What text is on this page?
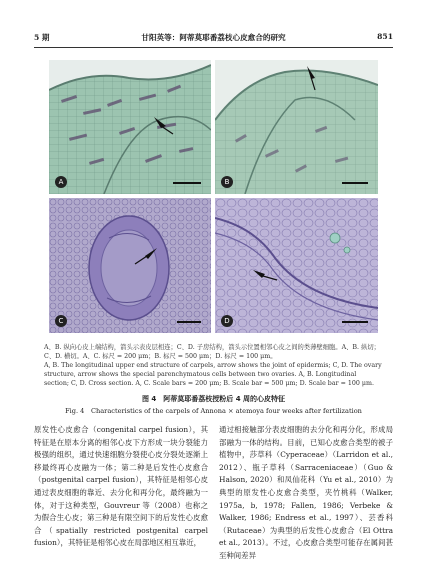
5 期	甘阳英等：阿蒂莫耶番荔枝心皮愈合的研究	851
A	B
C	D
A、B. 纵向心皮上端结构，箭头示表皮层相连；C、D. 子房结构，箭头示位置相邻心皮之间的类薄壁细胞。A、B. 纵切；C、D. 横切。A、C. 标尺 = 200 μm；B. 标尺 = 500 μm；D. 标尺 = 100 μm。
A, B. The longitudinal upper end structure of carpels, arrow shows the joint of epidermis; C, D. The ovary structure, arrow shows the special parenchymatous cells between two ovaries. A, B. Longitudinal section; C, D. Cross section. A, C. Scale bars = 200 μm; B. Scale bar = 500 μm; D. Scale bar = 100 μm.
图 4　阿蒂莫耶番荔枝授粉后 4 周的心皮特征
Fig. 4　Characteristics of the carpels of Annona × atemoya four weeks after fertilization
原发性心皮愈合（congenital carpel fusion），其特征是在原本分离的相邻心皮下方形成一块分裂能力极强的组织，通过快速细胞分裂使心皮分裂处逐渐上移最终再心皮融为一体；第二种是后发性心皮愈合（postgenital carpel fusion），其特征是相邻心皮通过表皮细胞的靠近、去分化和再分化，最终融为一体，对于这种类型，Gouvreur 等（2008）也称之为假合生心皮；第三种是有限空间下的后发性心皮愈合（spatially restricted postgenital carpel fusion），其特征是相邻心皮在局部地区相互靠近，
通过相接触部分表皮细胞的去分化和再分化，形成局部融为一体的结构。目前，已知心皮愈合类型的被子植物中，莎草科（Cyperaceae）（Larridon et al., 2012）、瓶子草科（Sarraceniaceae）（Guo & Halson, 2020）和凤仙花科（Yu et al., 2010）为典型的原发性心皮愈合类型，夹竹桃科（Walker, 1975a, b, 1978; Fallen, 1986; Verbeke & Walker, 1986; Endress et al., 1997）、芸香科（Rutaceae）为典型的后发性心皮愈合（El Ottra et al., 2013）。不过，心皮愈合类型可能存在属间甚至种间差异
